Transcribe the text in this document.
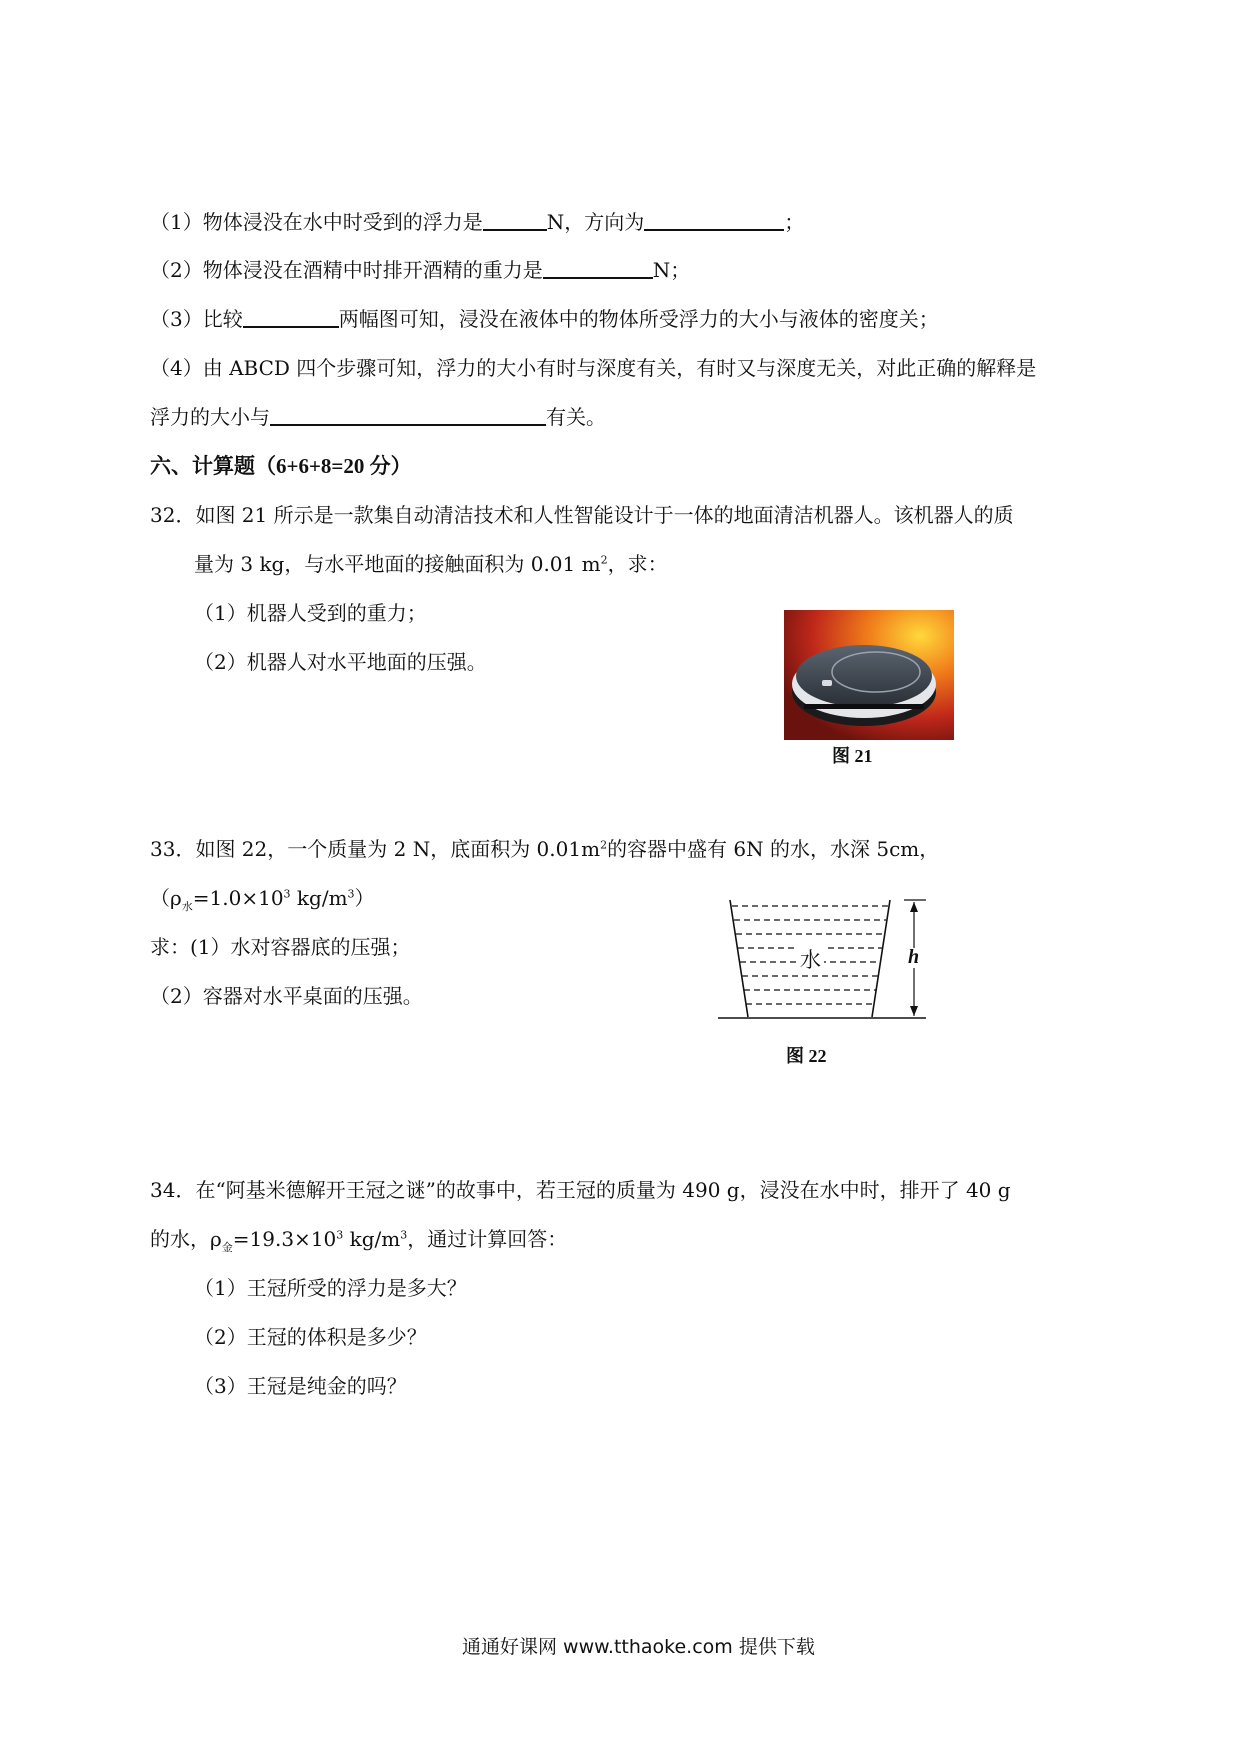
（1）物体浸没在水中时受到的浮力是	N，方向为	；
（2）物体浸没在酒精中时排开酒精的重力是	N；
（3）比较	两幅图可知，浸没在液体中的物体所受浮力的大小与液体的密度关；
（4）由 ABCD 四个步骤可知，浮力的大小有时与深度有关，有时又与深度无关，对此正确的解释是
浮力的大小与	有关。
六、计算题（6+6+8=20 分）
32．如图 21 所示是一款集自动清洁技术和人性智能设计于一体的地面清洁机器人。该机器人的质
量为 3 kg，与水平地面的接触面积为 0.01 $m^2$，求：
（1）机器人受到的重力；
（2）机器人对水平地面的压强。
图 21
33．如图 22，一个质量为 2 N，底面积为 $0.01m^2$的容器中盛有 6N 的水，水深 5cm，
（$\rho_水=1.0\times 10^3$ $kg/m^3$）
求：(1）水对容器底的压强；
（2）容器对水平桌面的压强。
水	h
图 22
34．在“阿基米德解开王冠之谜”的故事中，若王冠的质量为 490 g，浸没在水中时，排开了 40 g
的水，$\rho_金=19.3\times 10^3$ $kg/m^3$，通过计算回答：
（1）王冠所受的浮力是多大？
（2）王冠的体积是多少？
（3）王冠是纯金的吗？
通通好课网 www.tthaoke.com 提供下载
